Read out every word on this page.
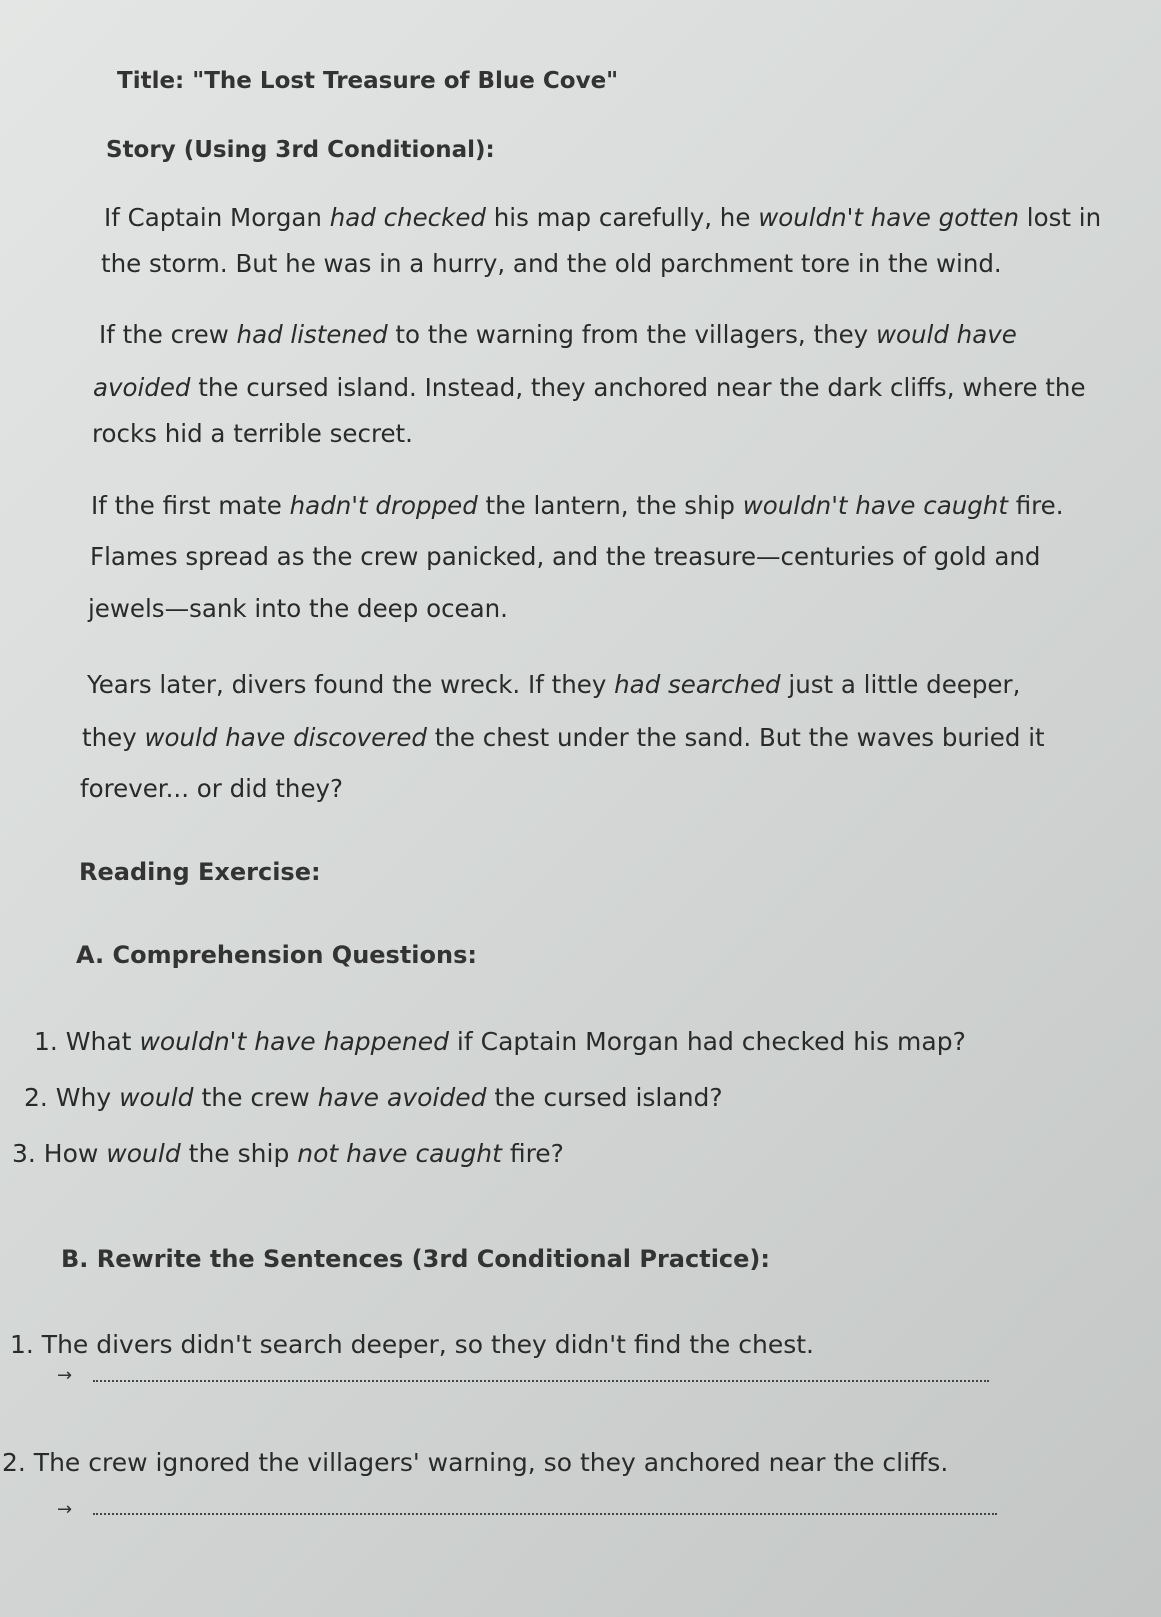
Title: "The Lost Treasure of Blue Cove"
Story (Using 3rd Conditional):
If Captain Morgan had checked his map carefully, he wouldn't have gotten lost in
the storm. But he was in a hurry, and the old parchment tore in the wind.
If the crew had listened to the warning from the villagers, they would have
avoided the cursed island. Instead, they anchored near the dark cliffs, where the
rocks hid a terrible secret.
If the first mate hadn't dropped the lantern, the ship wouldn't have caught fire.
Flames spread as the crew panicked, and the treasure—centuries of gold and
jewels—sank into the deep ocean.
Years later, divers found the wreck. If they had searched just a little deeper,
they would have discovered the chest under the sand. But the waves buried it
forever... or did they?
Reading Exercise:
A. Comprehension Questions:
1. What wouldn't have happened if Captain Morgan had checked his map?
2. Why would the crew have avoided the cursed island?
3. How would the ship not have caught fire?
B. Rewrite the Sentences (3rd Conditional Practice):
1. The divers didn't search deeper, so they didn't find the chest.
→
2. The crew ignored the villagers' warning, so they anchored near the cliffs.
→
